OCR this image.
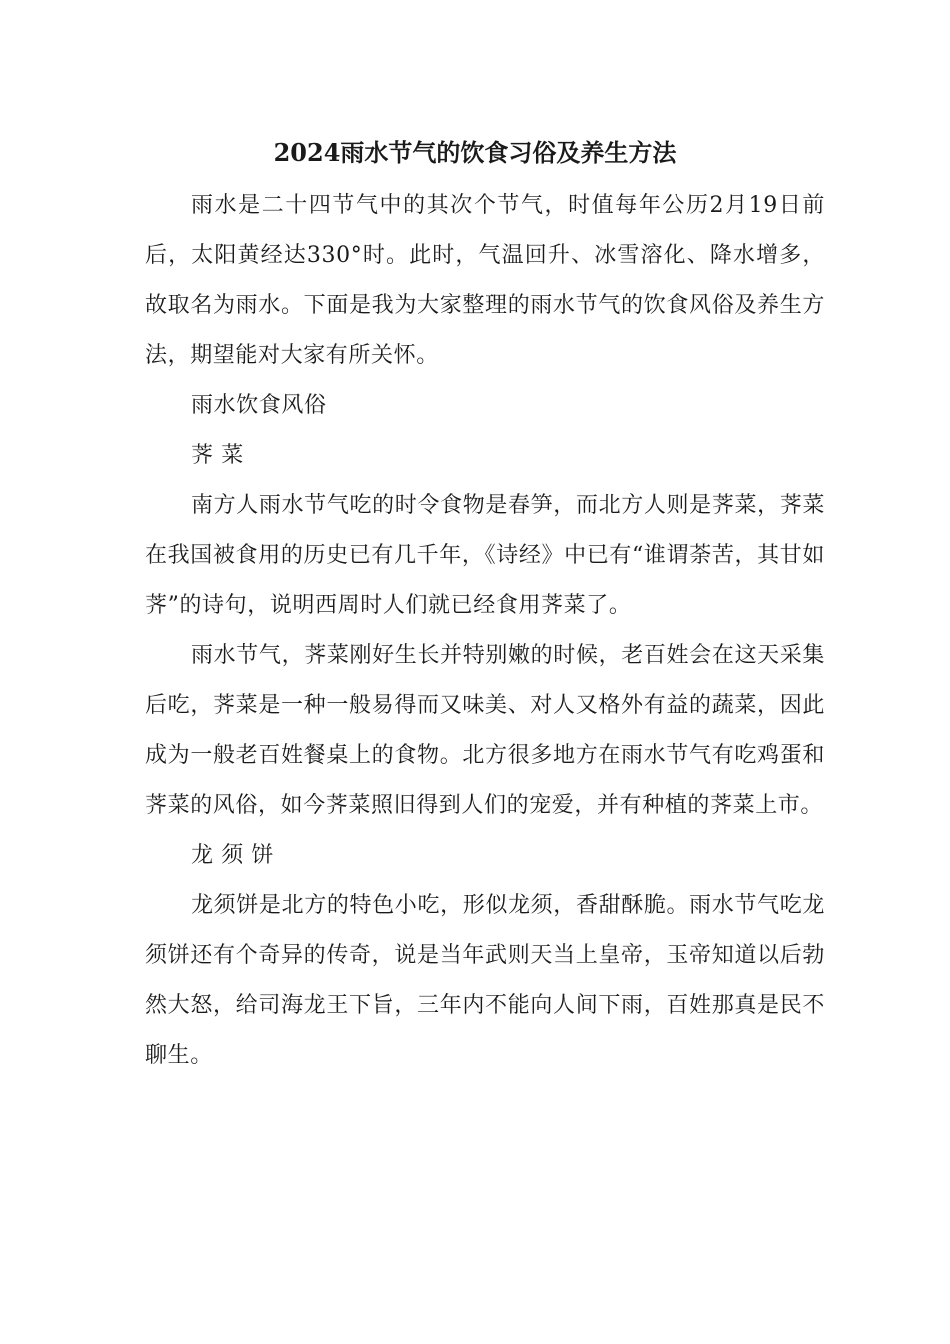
2024雨水节气的饮食习俗及养生方法

雨水是二十四节气中的其次个节气，时值每年公历2月19日前后，太阳黄经达330°时。此时，气温回升、冰雪溶化、降水增多，故取名为雨水。下面是我为大家整理的雨水节气的饮食风俗及养生方法，期望能对大家有所关怀。

雨水饮食风俗

荠 菜

南方人雨水节气吃的时令食物是春笋，而北方人则是荠菜，荠菜在我国被食用的历史已有几千年，《诗经》中已有“谁谓荼苦，其甘如荠”的诗句，说明西周时人们就已经食用荠菜了。

雨水节气，荠菜刚好生长并特别嫩的时候，老百姓会在这天采集后吃，荠菜是一种一般易得而又味美、对人又格外有益的蔬菜，因此成为一般老百姓餐桌上的食物。北方很多地方在雨水节气有吃鸡蛋和荠菜的风俗，如今荠菜照旧得到人们的宠爱，并有种植的荠菜上市。

龙 须 饼

龙须饼是北方的特色小吃，形似龙须，香甜酥脆。雨水节气吃龙须饼还有个奇异的传奇，说是当年武则天当上皇帝，玉帝知道以后勃然大怒，给司海龙王下旨，三年内不能向人间下雨，百姓那真是民不聊生。
